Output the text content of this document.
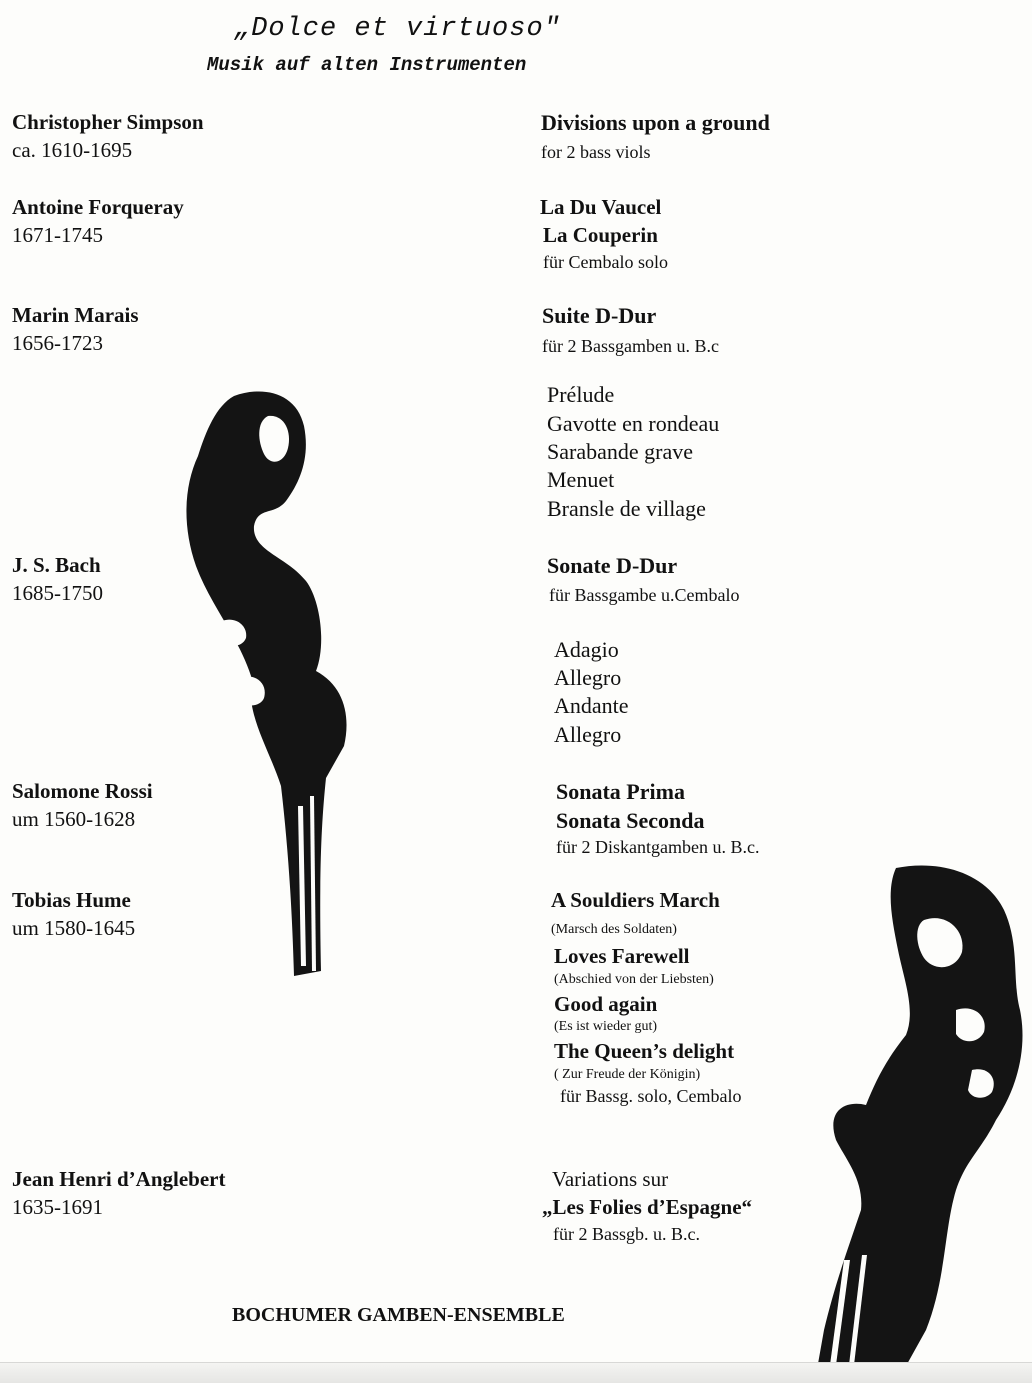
„Dolce et virtuoso"
Musik auf alten Instrumenten
Christopher Simpson
ca. 1610-1695
Antoine Forqueray
1671-1745
Marin Marais
1656-1723
J. S. Bach
1685-1750
Salomone Rossi
um 1560-1628
Tobias Hume
um 1580-1645
Jean Henri d’Anglebert
1635-1691
Divisions upon a ground
for 2 bass viols
La Du Vaucel
La Couperin
für Cembalo solo
Suite D-Dur
für 2 Bassgamben u. B.c
Prélude
Gavotte en rondeau
Sarabande grave
Menuet
Bransle de village
Sonate D-Dur
für Bassgambe u.Cembalo
Adagio
Allegro
Andante
Allegro
Sonata Prima
Sonata Seconda
für 2 Diskantgamben u. B.c.
A Souldiers March
(Marsch des Soldaten)
Loves Farewell
(Abschied von der Liebsten)
Good again
(Es ist wieder gut)
The Queen’s delight
( Zur Freude der Königin)
für Bassg. solo, Cembalo
Variations sur
„Les Folies d’Espagne“
für 2 Bassgb. u. B.c.
BOCHUMER GAMBEN-ENSEMBLE
